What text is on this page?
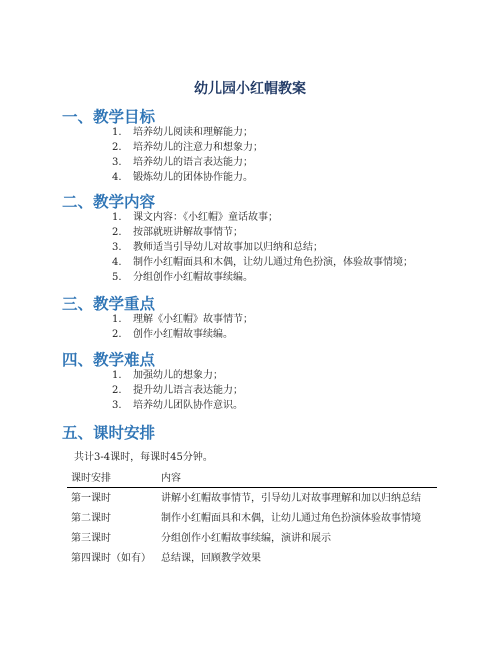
幼儿园小红帽教案
一、教学目标
1.	培养幼儿阅读和理解能力；
2.	培养幼儿的注意力和想象力；
3.	培养幼儿的语言表达能力；
4.	锻炼幼儿的团体协作能力。
二、教学内容
1.	课文内容：《小红帽》童话故事；
2.	按部就班讲解故事情节；
3.	教师适当引导幼儿对故事加以归纳和总结；
4.	制作小红帽面具和木偶，让幼儿通过角色扮演，体验故事情境；
5.	分组创作小红帽故事续编。
三、教学重点
1.	理解《小红帽》故事情节；
2.	创作小红帽故事续编。
四、教学难点
1.	加强幼儿的想象力；
2.	提升幼儿语言表达能力；
3.	培养幼儿团队协作意识。
五、课时安排
共计3-4课时，每课时45分钟。
课时安排	内容
第一课时	讲解小红帽故事情节，引导幼儿对故事理解和加以归纳总结
第二课时	制作小红帽面具和木偶，让幼儿通过角色扮演体验故事情境
第三课时	分组创作小红帽故事续编，演讲和展示
第四课时（如有） 总结课，回顾教学效果
